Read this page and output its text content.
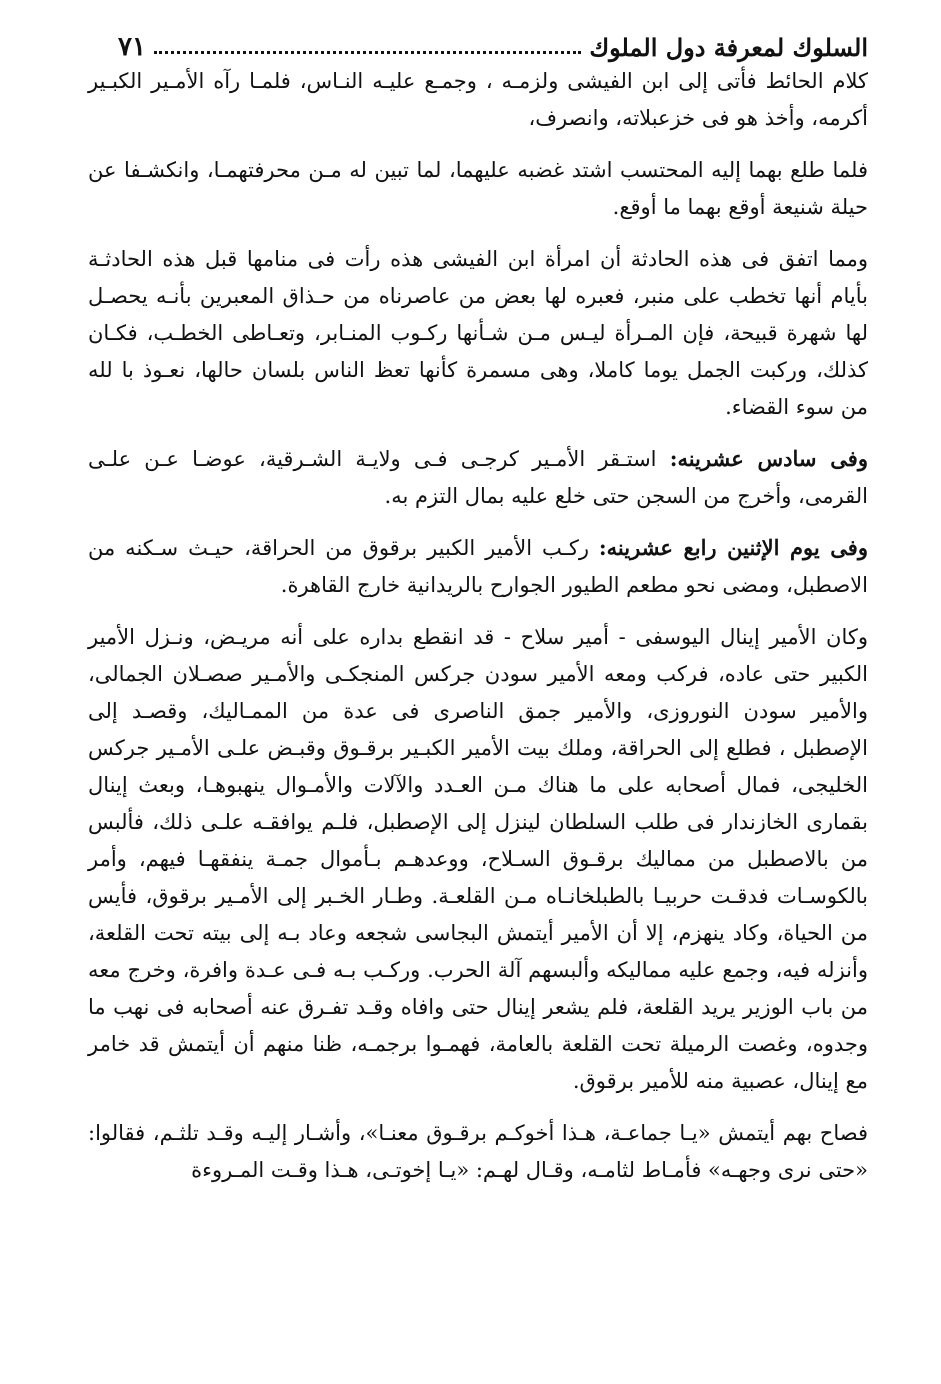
السلوك لمعرفة دول الملوك
٧١

كلام الحائط فأتى إلى ابن الفيشى ولزمـه ، وجمـع عليـه النـاس، فلمـا رآه الأمـير الكبـير أكرمه، وأخذ هو فى خزعبلاته، وانصرف،

فلما طلع بهما إليه المحتسب اشتد غضبه عليهما، لما تبين له مـن محرفتهمـا، وانكشـفا عن حيلة شنيعة أوقع بهما ما أوقع.

ومما اتفق فى هذه الحادثة أن امرأة ابن الفيشى هذه رأت فى منامها قبل هذه الحادثـة بأيام أنها تخطب على منبر، فعبره لها بعض من عاصرناه من حـذاق المعبرين بأنـه يحصـل لها شهرة قبيحة، فإن المـرأة ليـس مـن شـأنها ركـوب المنـابر، وتعـاطى الخطـب، فكـان كذلك، وركبت الجمل يوما كاملا، وهى مسمرة كأنها تعظ الناس بلسان حالها، نعـوذ با لله من سوء القضاء.

وفى سادس عشرينه: استـقر الأمـير كرجـى فـى ولايـة الشـرقية، عوضـا عـن علـى القرمى، وأخرج من السجن حتى خلع عليه بمال التزم به.

وفى يوم الإثنين رابع عشرينه: ركـب الأمير الكبير برقوق من الحراقة، حيـث سـكنه من الاصطبل، ومضى نحو مطعم الطيور الجوارح بالريدانية خارج القاهرة.

وكان الأمير إينال اليوسفى - أمير سلاح - قد انقطع بداره على أنه مريـض، ونـزل الأمير الكبير حتى عاده، فركب ومعه الأمير سودن جركس المنجكـى والأمـير صصـلان الجمالى، والأمير سودن النوروزى، والأمير جمق الناصرى فى عدة من الممـاليك، وقصـد إلى الإصطبل ، فطلع إلى الحراقة، وملك بيت الأمير الكبـير برقـوق وقبـض علـى الأمـير جركس الخليجى، فمال أصحابه على ما هناك مـن العـدد والآلات والأمـوال ينهبوهـا، وبعث إينال بقمارى الخازندار فى طلب السلطان لينزل إلى الإصطبل، فلـم يوافقـه علـى ذلك، فألبس من بالاصطبل من مماليك برقـوق السـلاح، ووعدهـم بـأموال جمـة ينفقهـا فيهم، وأمر بالكوسـات فدقـت حربيـا بالطبلخانـاه مـن القلعـة. وطـار الخـبر إلى الأمـير برقوق، فأيس من الحياة، وكاد ينهزم، إلا أن الأمير أيتمش البجاسى شجعه وعاد بـه إلى بيته تحت القلعة، وأنزله فيه، وجمع عليه مماليكه وألبسهم آلة الحرب. وركـب بـه فـى عـدة وافرة، وخرج معه من باب الوزير يريد القلعة، فلم يشعر إينال حتى وافاه وقـد تفـرق عنه أصحابه فى نهب ما وجدوه، وغصت الرميلة تحت القلعة بالعامة، فهمـوا برجمـه، ظنا منهم أن أيتمش قد خامر مع إينال، عصبية منه للأمير برقوق.

فصاح بهم أيتمش «يـا جماعـة، هـذا أخوكـم برقـوق معنـا»، وأشـار إليـه وقـد تلثـم، فقالوا: «حتى نرى وجهـه» فأمـاط لثامـه، وقـال لهـم: «يـا إخوتـى، هـذا وقـت المـروءة
